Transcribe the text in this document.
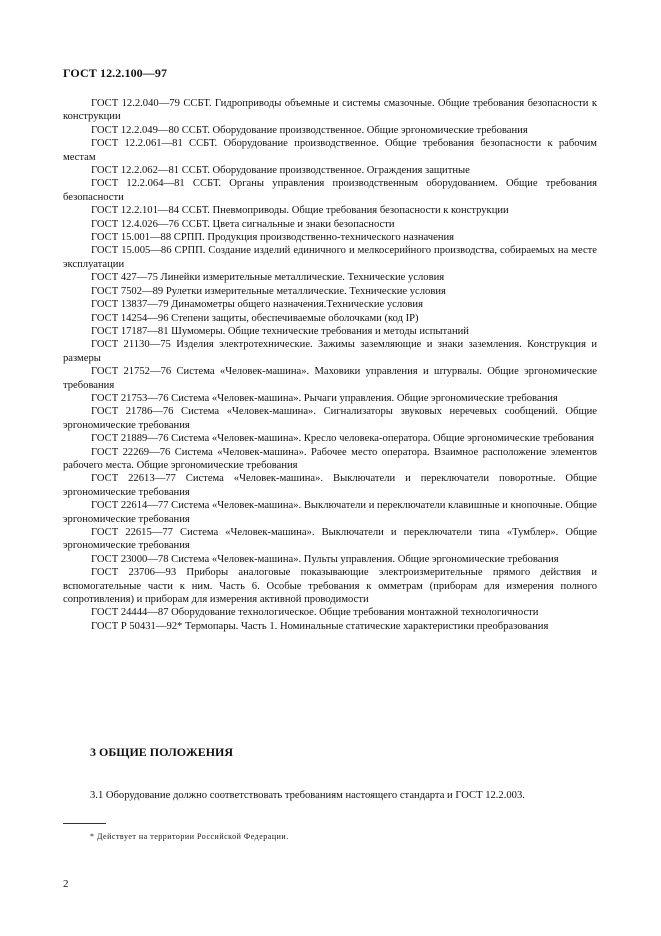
ГОСТ 12.2.100—97

ГОСТ 12.2.040—79 ССБТ. Гидроприводы объемные и системы смазочные. Общие требования безопасности к конструкции

ГОСТ 12.2.049—80 ССБТ. Оборудование производственное. Общие эргономические требования

ГОСТ 12.2.061—81 ССБТ. Оборудование производственное. Общие требования безопасности к рабочим местам

ГОСТ 12.2.062—81 ССБТ. Оборудование производственное. Ограждения защитные

ГОСТ 12.2.064—81 ССБТ. Органы управления производственным оборудованием. Общие требования безопасности

ГОСТ 12.2.101—84 ССБТ. Пневмоприводы. Общие требования безопасности к конструкции

ГОСТ 12.4.026—76 ССБТ. Цвета сигнальные и знаки безопасности

ГОСТ 15.001—88 СРПП. Продукция производственно-технического назначения

ГОСТ 15.005—86 СРПП. Создание изделий единичного и мелкосерийного производства, собираемых на месте эксплуатации

ГОСТ 427—75 Линейки измерительные металлические. Технические условия

ГОСТ 7502—89 Рулетки измерительные металлические. Технические условия

ГОСТ 13837—79 Динамометры общего назначения.Технические условия

ГОСТ 14254—96 Степени защиты, обеспечиваемые оболочками (код IP)

ГОСТ 17187—81 Шумомеры. Общие технические требования и методы испытаний

ГОСТ 21130—75 Изделия электротехнические. Зажимы заземляющие и знаки заземления. Конструкция и размеры

ГОСТ 21752—76 Система «Человек-машина». Маховики управления и штурвалы. Общие эргономические требования

ГОСТ 21753—76 Система «Человек-машина». Рычаги управления. Общие эргономические требования

ГОСТ 21786—76 Система «Человек-машина». Сигнализаторы звуковых неречевых сообщений. Общие эргономические требования

ГОСТ 21889—76 Система «Человек-машина». Кресло человека-оператора. Общие эргономические требования

ГОСТ 22269—76 Система «Человек-машина». Рабочее место оператора. Взаимное расположение элементов рабочего места. Общие эргономические требования

ГОСТ 22613—77 Система «Человек-машина». Выключатели и переключатели поворотные. Общие эргономические требования

ГОСТ 22614—77 Система «Человек-машина». Выключатели и переключатели клавишные и кнопочные. Общие эргономические требования

ГОСТ 22615—77 Система «Человек-машина». Выключатели и переключатели типа «Тумблер». Общие эргономические требования

ГОСТ 23000—78 Система «Человек-машина». Пульты управления. Общие эргономические требования

ГОСТ 23706—93 Приборы аналоговые показывающие электроизмерительные прямого действия и вспомогательные части к ним. Часть 6. Особые требования к омметрам (приборам для измерения полного сопротивления) и приборам для измерения активной проводимости

ГОСТ 24444—87 Оборудование технологическое. Общие требования монтажной технологичности

ГОСТ Р 50431—92* Термопары. Часть 1. Номинальные статические характеристики преобразования

3 ОБЩИЕ ПОЛОЖЕНИЯ
3.1 Оборудование должно соответствовать требованиям настоящего стандарта и ГОСТ 12.2.003.
* Действует на территории Российской Федерации.
2
